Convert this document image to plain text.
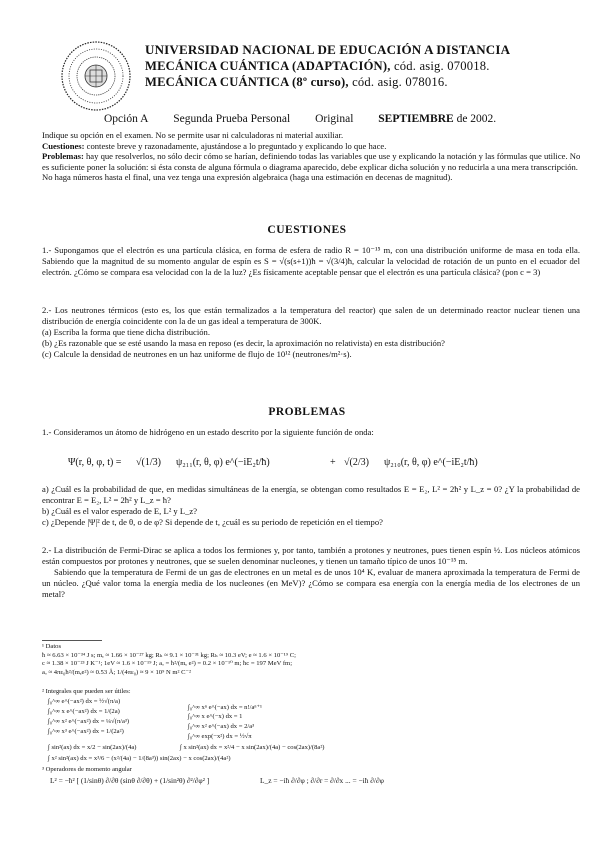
UNIVERSIDAD NACIONAL DE EDUCACIÓN A DISTANCIA
MECÁNICA CUÁNTICA (ADAPTACIÓN), cód. asig. 070018.
MECÁNICA CUÁNTICA (8º curso), cód. asig. 078016.
Opción A Segunda Prueba Personal Original SEPTIEMBRE de 2002.

Indique su opción en el examen. No se permite usar ni calculadoras ni material auxiliar.

Cuestiones: conteste breve y razonadamente, ajustándose a lo preguntado y explicando lo que hace.

Problemas: hay que resolverlos, no sólo decir cómo se harían, definiendo todas las variables que use y explicando la notación y las fórmulas que utilice. No es suficiente poner la solución: si ésta consta de alguna fórmula o diagrama aparecido, debe explicar dicha solución y no reducirla a una mera transcripción.

No haga números hasta el final, una vez tenga una expresión algebraica (haga una estimación en decenas de magnitud).

CUESTIONES

1.- Supongamos que el electrón es una partícula clásica, en forma de esfera de radio R = 10⁻¹⁵ m, con una distribución uniforme de masa en toda ella. Sabiendo que la magnitud de su momento angular de espín es S = √(s(s+1))ħ = √(3/4)ħ, calcular la velocidad de rotación de un punto en el ecuador del electrón. ¿Cómo se compara esa velocidad con la de la luz? ¿Es físicamente aceptable pensar que el electrón es una partícula clásica? (pon c = 3)

2.- Los neutrones térmicos (esto es, los que están termalizados a la temperatura del reactor) que salen de un determinado reactor nuclear tienen una distribución de energía coincidente con la de un gas ideal a temperatura de 300K.

(a) Escriba la forma que tiene dicha distribución.

(b) ¿Es razonable que se esté usando la masa en reposo (es decir, la aproximación no relativista) en esta distribución?

(c) Calcule la densidad de neutrones en un haz uniforme de flujo de 10¹² (neutrones/m²·s).

PROBLEMAS
1.- Consideramos un átomo de hidrógeno en un estado descrito por la siguiente función de onda:
Ψ(r, θ, φ, t) = √(1/3) ψ₂₁₁(r, θ, φ) e^(−iE₂t/ħ)	+ √(2/3) ψ₂₁₀(r, θ, φ) e^(−iE₂t/ħ)

a) ¿Cuál es la probabilidad de que, en medidas simultáneas de la energía, se obtengan como resultados E = E₂, L² = 2ħ² y L_z = 0? ¿Y la probabilidad de encontrar E = E₂, L² = 2ħ² y L_z = ħ?

b) ¿Cuál es el valor esperado de E, L² y L_z?

c) ¿Depende |Ψ|² de t, de θ, o de φ? Si depende de t, ¿cuál es su periodo de repetición en el tiempo?

2.- La distribución de Fermi-Dirac se aplica a todos los fermiones y, por tanto, también a protones y neutrones, pues tienen espín ½. Los núcleos atómicos están compuestos por protones y neutrones, que se suelen denominar nucleones, y tienen un tamaño típico de unos 10⁻¹⁵ m.

Sabiendo que la temperatura de Fermi de un gas de electrones en un metal es de unos 10⁴ K, evaluar de manera aproximada la temperatura de Fermi de un núcleo. ¿Qué valor toma la energía media de los nucleones (en MeV)? ¿Cómo se compara esa energía con la energía media de los electrones de un metal?

¹ Datos
ħ ≈ 6.63 × 10⁻³⁴ J s; mₑ ≈ 1.66 × 10⁻²⁷ kg; Rₕ ≈ 9.1 × 10⁻³¹ kg; Rₕ ≈ 10.3 eV; e ≈ 1.6 × 10⁻¹⁹ C;
c ≈ 1.38 × 10⁻²³ J K⁻¹; 1eV ≈ 1.6 × 10⁻¹⁹ J; aₒ = ħ²/(mₑ e²) = 0.2 × 10⁻¹⁰ m; ħc = 197 MeV fm;
aₒ ≈ 4πε₀ħ²/(mₑe²) ≈ 0.53 Å; 1/(4πε₀) ≈ 9 × 10⁹ N m² C⁻²
² Integrales que pueden ser útiles:
∫₀^∞ e^(−ax²) dx = ½√(π/a)
∫₀^∞ x e^(−ax²) dx = 1/(2a)
∫₀^∞ x² e^(−ax²) dx = ¼√(π/a³)
∫₀^∞ x³ e^(−ax²) dx = 1/(2a²)
∫₀^∞ xⁿ e^(−ax) dx = n!/aⁿ⁺¹
∫₀^∞ x e^(−x) dx = 1
∫₀^∞ x² e^(−ax) dx = 2/a³
∫₀^∞ exp(−x²) dx = ½√π
∫ sin²(ax) dx = x/2 − sin(2ax)/(4a)	∫ x sin²(ax) dx = x²/4 − x sin(2ax)/(4a) − cos(2ax)/(8a²)
∫ x² sin²(ax) dx = x³/6 − (x²/(4a) − 1/(8a³)) sin(2ax) − x cos(2ax)/(4a²)
³ Operadores de momento angular
L² = −ħ² [ (1/sinθ) ∂/∂θ (sinθ ∂/∂θ) + (1/sin²θ) ∂²/∂φ² ]	L_z = −iħ ∂/∂φ ; ∂/∂r = ∂/∂x ... = −iħ ∂/∂φ
